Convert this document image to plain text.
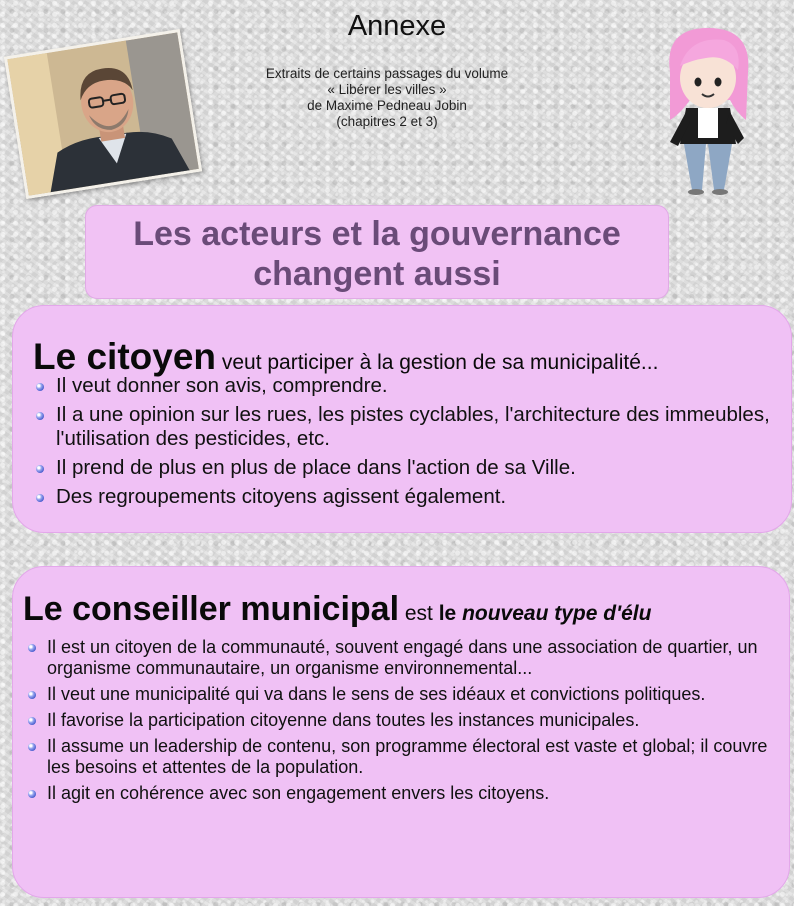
Annexe
Extraits de certains passages du volume
« Libérer les villes »
de Maxime Pedneau Jobin
(chapitres 2 et 3)
Les acteurs et la gouvernance
changent aussi
Le citoyen veut participer à la gestion de sa municipalité...
Il veut donner son avis, comprendre.
Il a une opinion sur les rues, les pistes cyclables, l'architecture des immeubles, l'utilisation des pesticides, etc.
Il prend de plus en plus de place dans l'action de sa Ville.
Des regroupements citoyens agissent également.
Le conseiller municipal est le nouveau type d'élu
Il est un citoyen de la communauté, souvent engagé dans une association de quartier, un organisme communautaire, un organisme environnemental...
Il veut une municipalité qui va dans le sens de ses idéaux et convictions politiques.
Il favorise la participation citoyenne dans toutes les instances municipales.
Il assume un leadership de contenu, son programme électoral est vaste et global; il couvre les besoins et attentes de la population.
Il agit en cohérence avec son engagement envers les citoyens.
